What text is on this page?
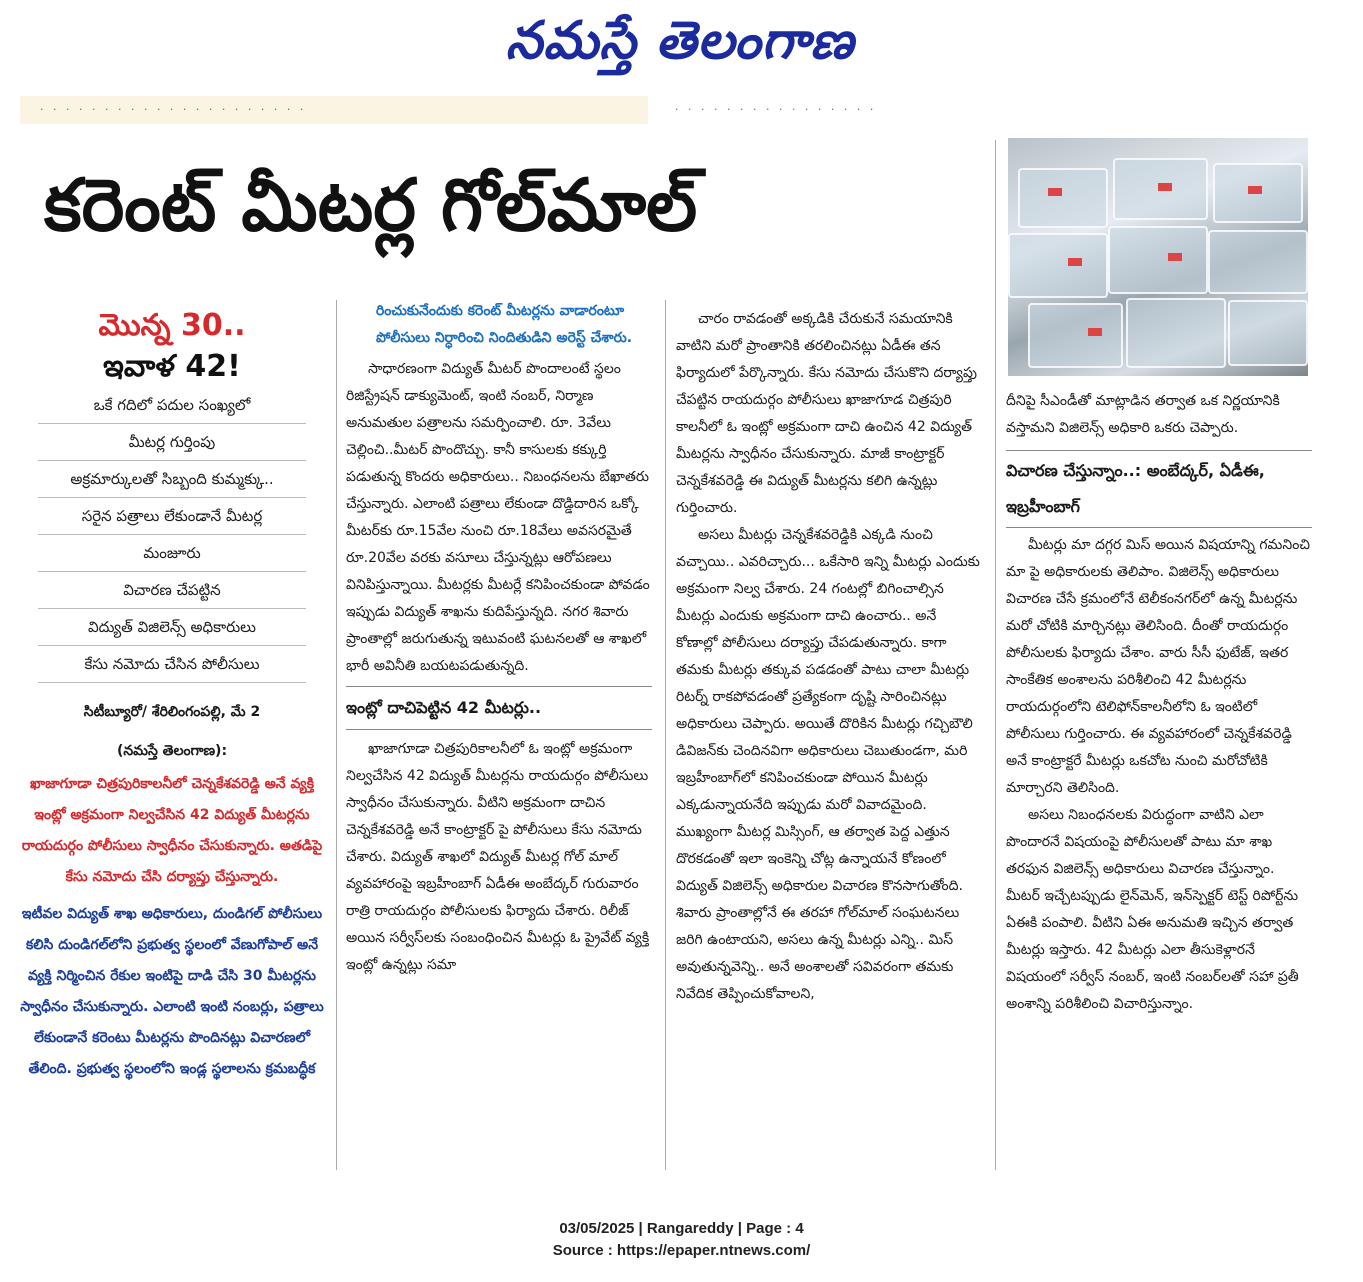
నమస్తే తెలంగాణ
· · · · · · · · · · · · · · · · · · · · ·	· · · · · · · · · · · · · · · ·
కరెంట్ మీటర్ల గోల్‌మాల్
మొన్న 30..
ఇవాళ 42!
ఒకే గదిలో పదుల సంఖ్యలో
మీటర్ల గుర్తింపు
అక్రమార్కులతో సిబ్బంది కుమ్మక్కు..
సరైన పత్రాలు లేకుండానే మీటర్ల
మంజూరు
విచారణ చేపట్టిన
విద్యుత్ విజిలెన్స్ అధికారులు
కేసు నమోదు చేసిన పోలీసులు
సిటీబ్యూరో/ శేరిలింగంపల్లి, మే 2
(నమస్తే తెలంగాణ):
ఖాజాగూడా చిత్రపురికాలనీలో చెన్నకేశవరెడ్డి అనే వ్యక్తి ఇంట్లో అక్రమంగా నిల్వచేసిన 42 విద్యుత్ మీటర్లను రాయదుర్గం పోలీసులు స్వాధీనం చేసుకున్నారు. అతడిపై కేసు నమోదు చేసి దర్యాప్తు చేస్తున్నారు.
ఇటీవల విద్యుత్ శాఖ అధికారులు, దుండిగల్ పోలీసులు కలిసి దుండిగల్‌లోని ప్రభుత్వ స్థలంలో వేణుగోపాల్ అనే వ్యక్తి నిర్మించిన రేకుల ఇంటిపై దాడి చేసి 30 మీటర్లను స్వాధీనం చేసుకున్నారు. ఎలాంటి ఇంటి నంబర్లు, పత్రాలు లేకుండానే కరెంటు మీటర్లను పొందినట్లు విచారణలో తేలింది. ప్రభుత్వ స్థలంలోని ఇండ్ల స్థలాలను క్రమబద్ధీక
రించుకునేందుకు కరెంట్ మీటర్లను వాడారంటూ పోలీసులు నిర్ధారించి నిందితుడిని అరెస్ట్ చేశారు.

సాధారణంగా విద్యుత్ మీటర్ పొందాలంటే స్థలం రిజిస్ట్రేషన్ డాక్యుమెంట్, ఇంటి నంబర్, నిర్మాణ అనుమతుల పత్రాలను సమర్పించాలి. రూ. 3వేలు చెల్లించి..మీటర్ పొందొచ్చు. కానీ కాసులకు కక్కుర్తి పడుతున్న కొందరు అధికారులు.. నిబంధనలను బేఖాతరు చేస్తున్నారు. ఎలాంటి పత్రాలు లేకుండా దొడ్డిదారిన ఒక్కో మీటర్‌కు రూ.15వేల నుంచి రూ.18వేలు అవసరమైతే రూ.20వేల వరకు వసూలు చేస్తున్నట్లు ఆరోపణలు వినిపిస్తున్నాయి. మీటర్లకు మీటర్లే కనిపించకుండా పోవడం ఇప్పుడు విద్యుత్ శాఖను కుదిపేస్తున్నది. నగర శివారు ప్రాంతాల్లో జరుగుతున్న ఇటువంటి ఘటనలతో ఆ శాఖలో భారీ అవినీతి బయటపడుతున్నది.

ఇంట్లో దాచిపెట్టిన 42 మీటర్లు..

ఖాజాగూడా చిత్రపురికాలనీలో ఓ ఇంట్లో అక్రమంగా నిల్వచేసిన 42 విద్యుత్ మీటర్లను రాయదుర్గం పోలీసులు స్వాధీనం చేసుకున్నారు. వీటిని అక్రమంగా దాచిన చెన్నకేశవరెడ్డి అనే కాంట్రాక్టర్ పై పోలీసులు కేసు నమోదు చేశారు. విద్యుత్ శాఖలో విద్యుత్ మీటర్ల గోల్ మాల్ వ్యవహారంపై ఇబ్రహీంబాగ్ ఏడీఈ అంబేద్కర్ గురువారం రాత్రి రాయదుర్గం పోలీసులకు ఫిర్యాదు చేశారు. రిలీజ్ అయిన సర్వీస్‌లకు సంబంధించిన మీటర్లు ఓ ప్రైవేట్ వ్యక్తి ఇంట్లో ఉన్నట్లు సమా

చారం రావడంతో అక్కడికి చేరుకునే సమయానికి వాటిని మరో ప్రాంతానికి తరలించినట్లు ఏడీఈ తన ఫిర్యాదులో పేర్కొన్నారు. కేసు నమోదు చేసుకొని దర్యాప్తు చేపట్టిన రాయదుర్గం పోలీసులు ఖాజాగూడ చిత్రపురి కాలనీలో ఓ ఇంట్లో అక్రమంగా దాచి ఉంచిన 42 విద్యుత్ మీటర్లను స్వాధీనం చేసుకున్నారు. మాజీ కాంట్రాక్టర్ చెన్నకేశవరెడ్డి ఈ విద్యుత్ మీటర్లను కలిగి ఉన్నట్లు గుర్తించారు.

అసలు మీటర్లు చెన్నకేశవరెడ్డికి ఎక్కడి నుంచి వచ్చాయి.. ఎవరిచ్చారు... ఒకేసారి ఇన్ని మీటర్లు ఎందుకు అక్రమంగా నిల్వ చేశారు. 24 గంటల్లో బిగించాల్సిన మీటర్లు ఎందుకు అక్రమంగా దాచి ఉంచారు.. అనే కోణాల్లో పోలీసులు దర్యాప్తు చేపడుతున్నారు. కాగా తమకు మీటర్లు తక్కువ పడడంతో పాటు చాలా మీటర్లు రిటర్న్ రాకపోవడంతో ప్రత్యేకంగా దృష్టి సారించినట్లు అధికారులు చెప్పారు. అయితే దొరికిన మీటర్లు గచ్చిబౌలి డివిజన్‌కు చెందినవిగా అధికారులు చెబుతుండగా, మరి ఇబ్రహీంబాగ్‌లో కనిపించకుండా పోయిన మీటర్లు ఎక్కడున్నాయనేది ఇప్పుడు మరో వివాదమైంది. ముఖ్యంగా మీటర్ల మిస్సింగ్, ఆ తర్వాత పెద్ద ఎత్తున దొరకడంతో ఇలా ఇంకెన్ని చోట్ల ఉన్నాయనే కోణంలో విద్యుత్ విజిలెన్స్ అధికారుల విచారణ కొనసాగుతోంది. శివారు ప్రాంతాల్లోనే ఈ తరహా గోల్‌మాల్ సంఘటనలు జరిగి ఉంటాయని, అసలు ఉన్న మీటర్లు ఎన్ని.. మిస్ అవుతున్నవెన్ని.. అనే అంశాలతో సవివరంగా తమకు నివేదిక తెప్పించుకోవాలని,

దీనిపై సీఎండీతో మాట్లాడిన తర్వాత ఒక నిర్ణయానికి వస్తామని విజిలెన్స్ అధికారి ఒకరు చెప్పారు.

విచారణ చేస్తున్నాం..: అంబేద్కర్, ఏడీఈ, ఇబ్రహీంబాగ్

మీటర్లు మా దగ్గర మిస్ అయిన విషయాన్ని గమనించి మా పై అధికారులకు తెలిపాం. విజిలెన్స్ అధికారులు విచారణ చేసే క్రమంలోనే టెలీకంనగర్‌లో ఉన్న మీటర్లను మరో చోటికి మార్చినట్లు తెలిసింది. దీంతో రాయదుర్గం పోలీసులకు ఫిర్యాదు చేశాం. వారు సీసీ ఫుటేజ్, ఇతర సాంకేతిక అంశాలను పరిశీలించి 42 మీటర్లను రాయదుర్గంలోని టెలిఫోన్‌కాలనీలోని ఓ ఇంటిలో పోలీసులు గుర్తించారు. ఈ వ్యవహారంలో చెన్నకేశవరెడ్డి అనే కాంట్రాక్టరే మీటర్లు ఒకచోట నుంచి మరోచోటికి మార్చారని తెలిసింది.

అసలు నిబంధనలకు విరుద్ధంగా వాటిని ఎలా పొందారనే విషయంపై పోలీసులతో పాటు మా శాఖ తరఫున విజిలెన్స్ అధికారులు విచారణ చేస్తున్నాం. మీటర్ ఇచ్చేటప్పుడు లైన్‌మెన్, ఇన్‌స్పెక్టర్ టెస్ట్ రిపోర్ట్‌ను ఏఈకి పంపాలి. వీటిని ఏఈ అనుమతి ఇచ్చిన తర్వాత మీటర్లు ఇస్తారు. 42 మీటర్లు ఎలా తీసుకెళ్లారనే విషయంలో సర్వీస్ నంబర్, ఇంటి నంబర్‌లతో సహా ప్రతీ అంశాన్ని పరిశీలించి విచారిస్తున్నాం.

03/05/2025 | Rangareddy | Page : 4
Source : https://epaper.ntnews.com/
